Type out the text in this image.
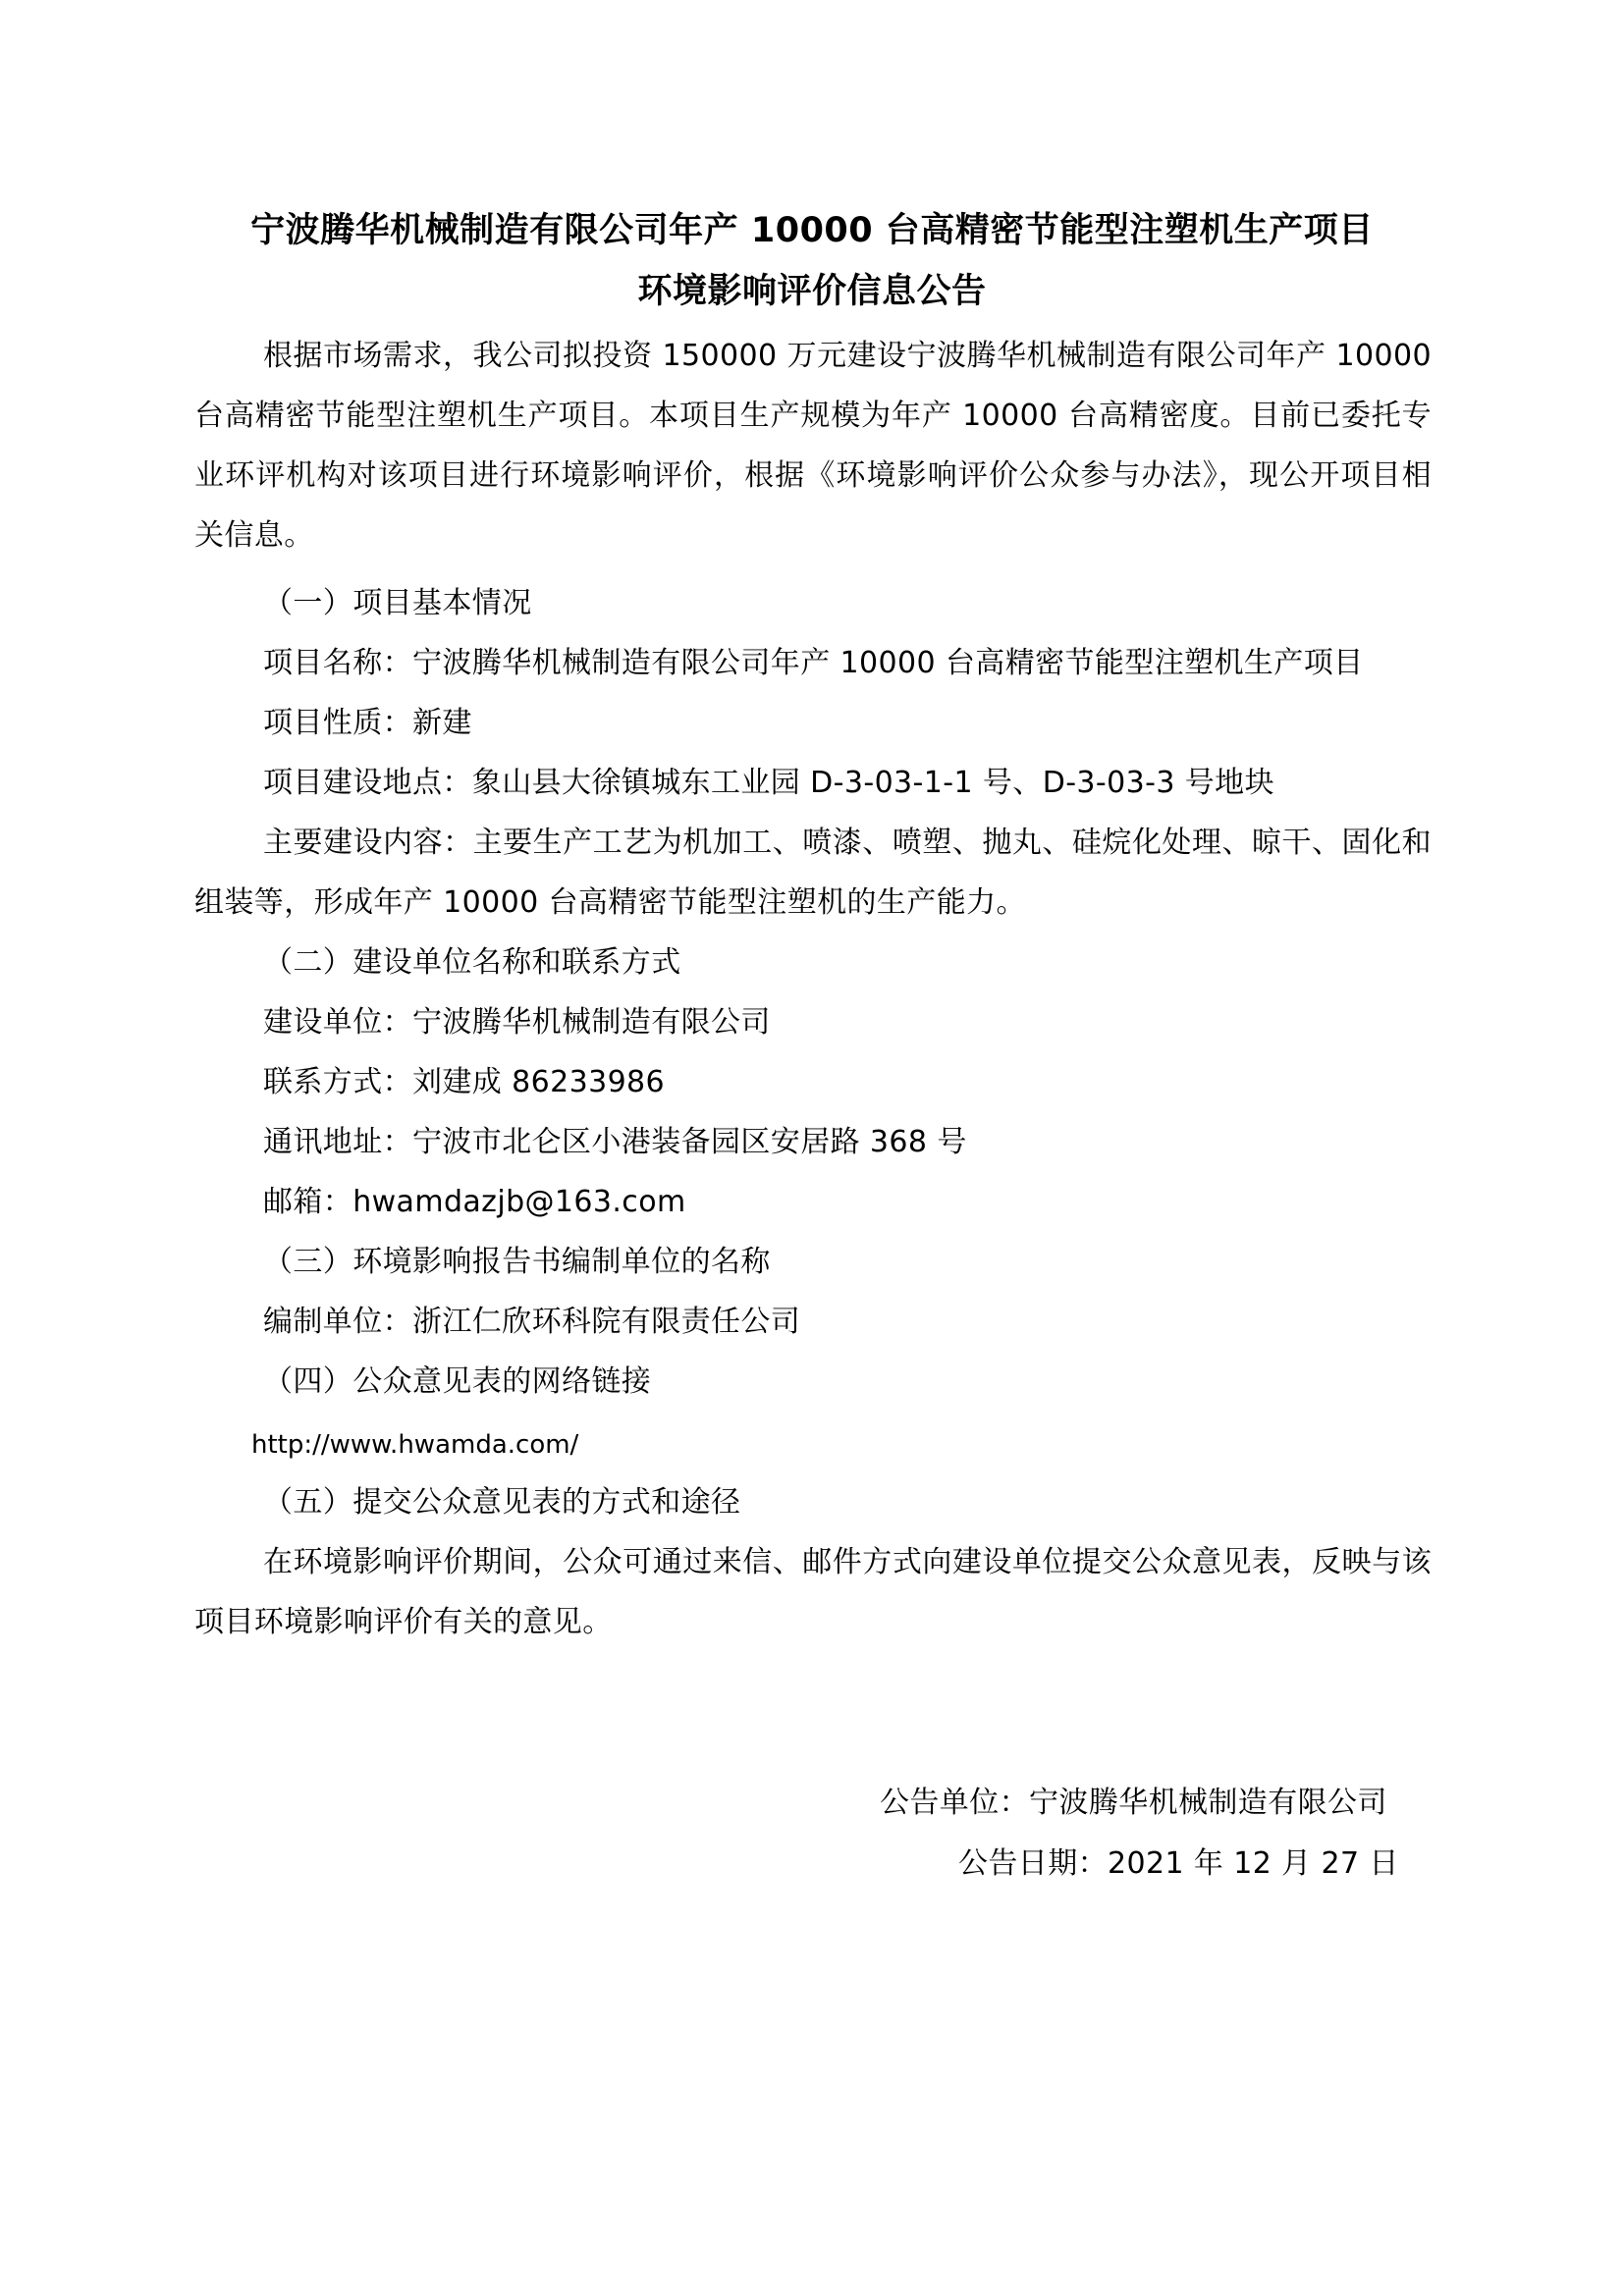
宁波腾华机械制造有限公司年产 10000 台高精密节能型注塑机生产项目
环境影响评价信息公告

根据市场需求，我公司拟投资 150000 万元建设宁波腾华机械制造有限公司年产 10000 台高精密节能型注塑机生产项目。本项目生产规模为年产 10000 台高精密度。目前已委托专业环评机构对该项目进行环境影响评价，根据《环境影响评价公众参与办法》，现公开项目相关信息。

（一）项目基本情况

项目名称：宁波腾华机械制造有限公司年产 10000 台高精密节能型注塑机生产项目

项目性质：新建

项目建设地点：象山县大徐镇城东工业园 D-3-03-1-1 号、D-3-03-3 号地块

主要建设内容：主要生产工艺为机加工、喷漆、喷塑、抛丸、硅烷化处理、晾干、固化和组装等，形成年产 10000 台高精密节能型注塑机的生产能力。

（二）建设单位名称和联系方式

建设单位：宁波腾华机械制造有限公司

联系方式：刘建成 86233986

通讯地址：宁波市北仑区小港装备园区安居路 368 号

邮箱：hwamdazjb@163.com

（三）环境影响报告书编制单位的名称

编制单位：浙江仁欣环科院有限责任公司

（四）公众意见表的网络链接

http://www.hwamda.com/

（五）提交公众意见表的方式和途径

在环境影响评价期间，公众可通过来信、邮件方式向建设单位提交公众意见表，反映与该项目环境影响评价有关的意见。

公告单位：宁波腾华机械制造有限公司
公告日期：2021 年 12 月 27 日
